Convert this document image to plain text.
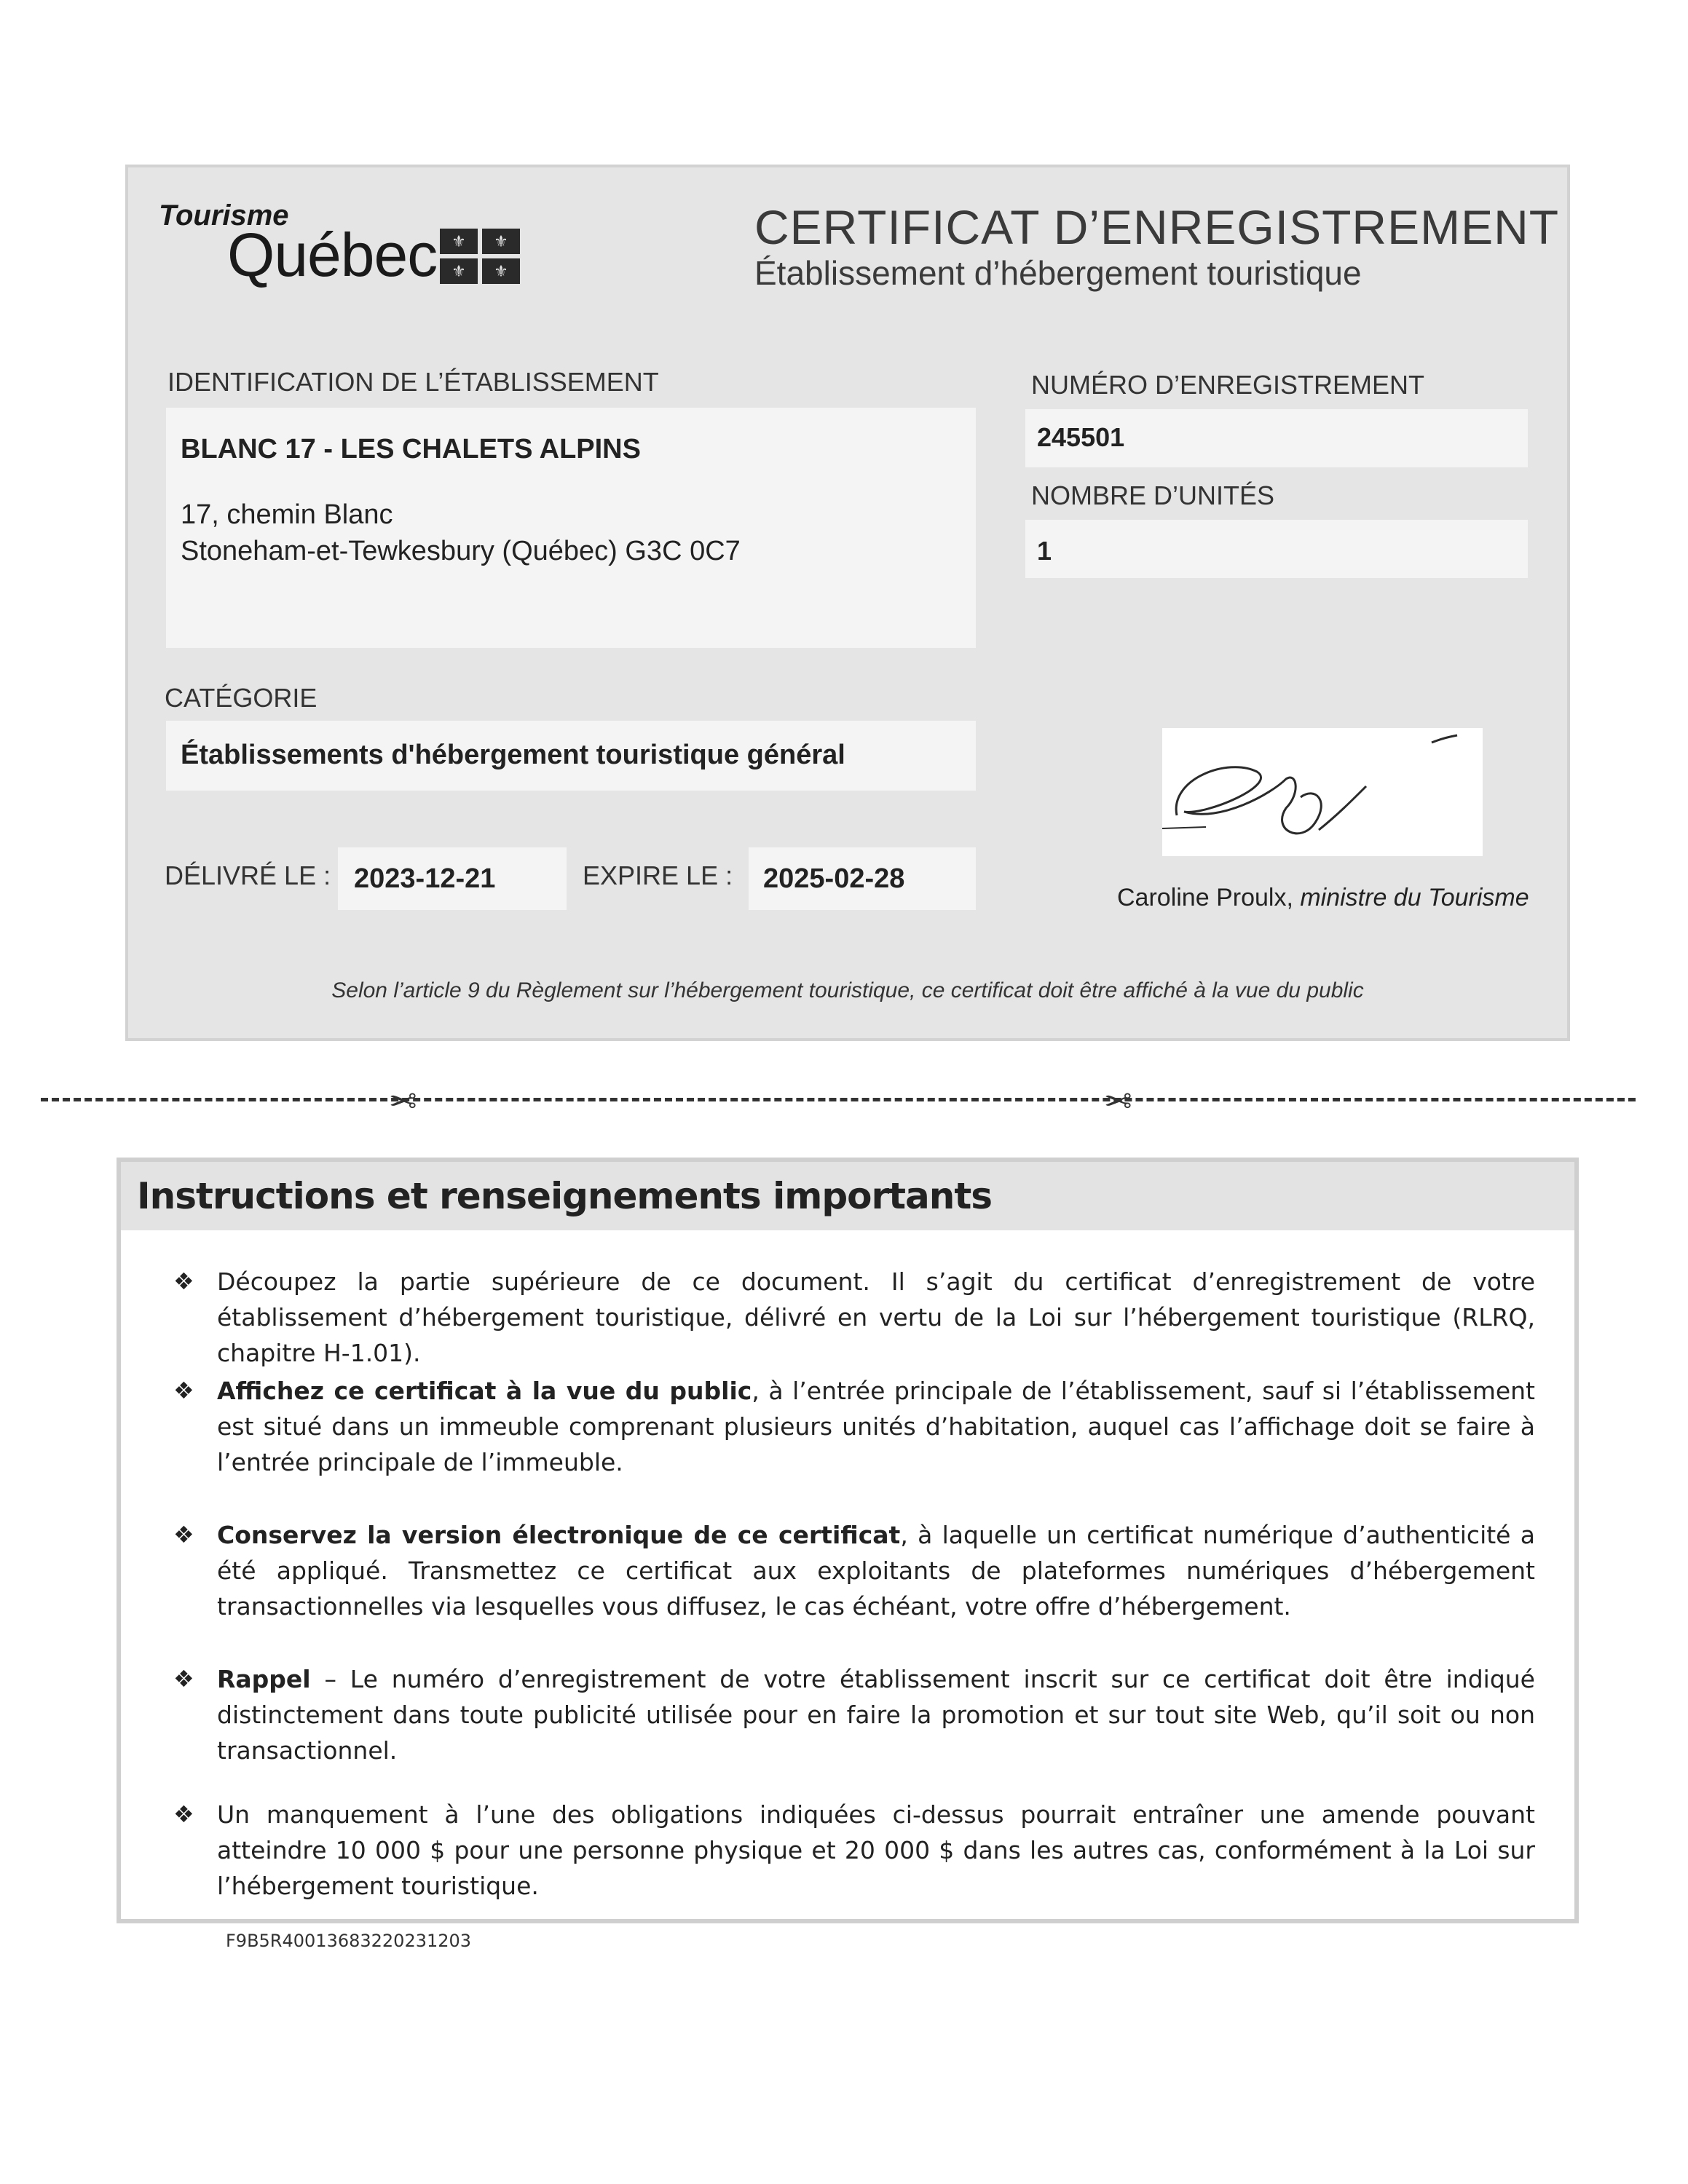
Tourisme
Québec ⚜	⚜
⚜	⚜
CERTIFICAT D’ENREGISTREMENT
Établissement d’hébergement touristique
IDENTIFICATION DE L’ÉTABLISSEMENT
BLANC 17 - LES CHALETS ALPINS
17, chemin Blanc
Stoneham-et-Tewkesbury (Québec) G3C 0C7
NUMÉRO D’ENREGISTREMENT
245501
NOMBRE D’UNITÉS
1
CATÉGORIE
Établissements d'hébergement touristique général
DÉLIVRÉ LE : 2023-12-21	EXPIRE LE : 2025-02-28
Caroline Proulx, ministre du Tourisme
Selon l’article 9 du Règlement sur l’hébergement touristique, ce certificat doit être affiché à la vue du public
✂	✂
Instructions et renseignements importants
❖ Découpez la partie supérieure de ce document. Il s’agit du certificat d’enregistrement de votre établissement d’hébergement touristique, délivré en vertu de la Loi sur l’hébergement touristique (RLRQ, chapitre H-1.01).
❖ Affichez ce certificat à la vue du public, à l’entrée principale de l’établissement, sauf si l’établissement est situé dans un immeuble comprenant plusieurs unités d’habitation, auquel cas l’affichage doit se faire à l’entrée principale de l’immeuble.
❖ Conservez la version électronique de ce certificat, à laquelle un certificat numérique d’authenticité a été appliqué. Transmettez ce certificat aux exploitants de plateformes numériques d’hébergement transactionnelles via lesquelles vous diffusez, le cas échéant, votre offre d’hébergement.
❖ Rappel – Le numéro d’enregistrement de votre établissement inscrit sur ce certificat doit être indiqué distinctement dans toute publicité utilisée pour en faire la promotion et sur tout site Web, qu’il soit ou non transactionnel.
❖ Un manquement à l’une des obligations indiquées ci-dessus pourrait entraîner une amende pouvant atteindre 10 000 $ pour une personne physique et 20 000 $ dans les autres cas, conformément à la Loi sur l’hébergement touristique.
F9B5R40013683220231203
